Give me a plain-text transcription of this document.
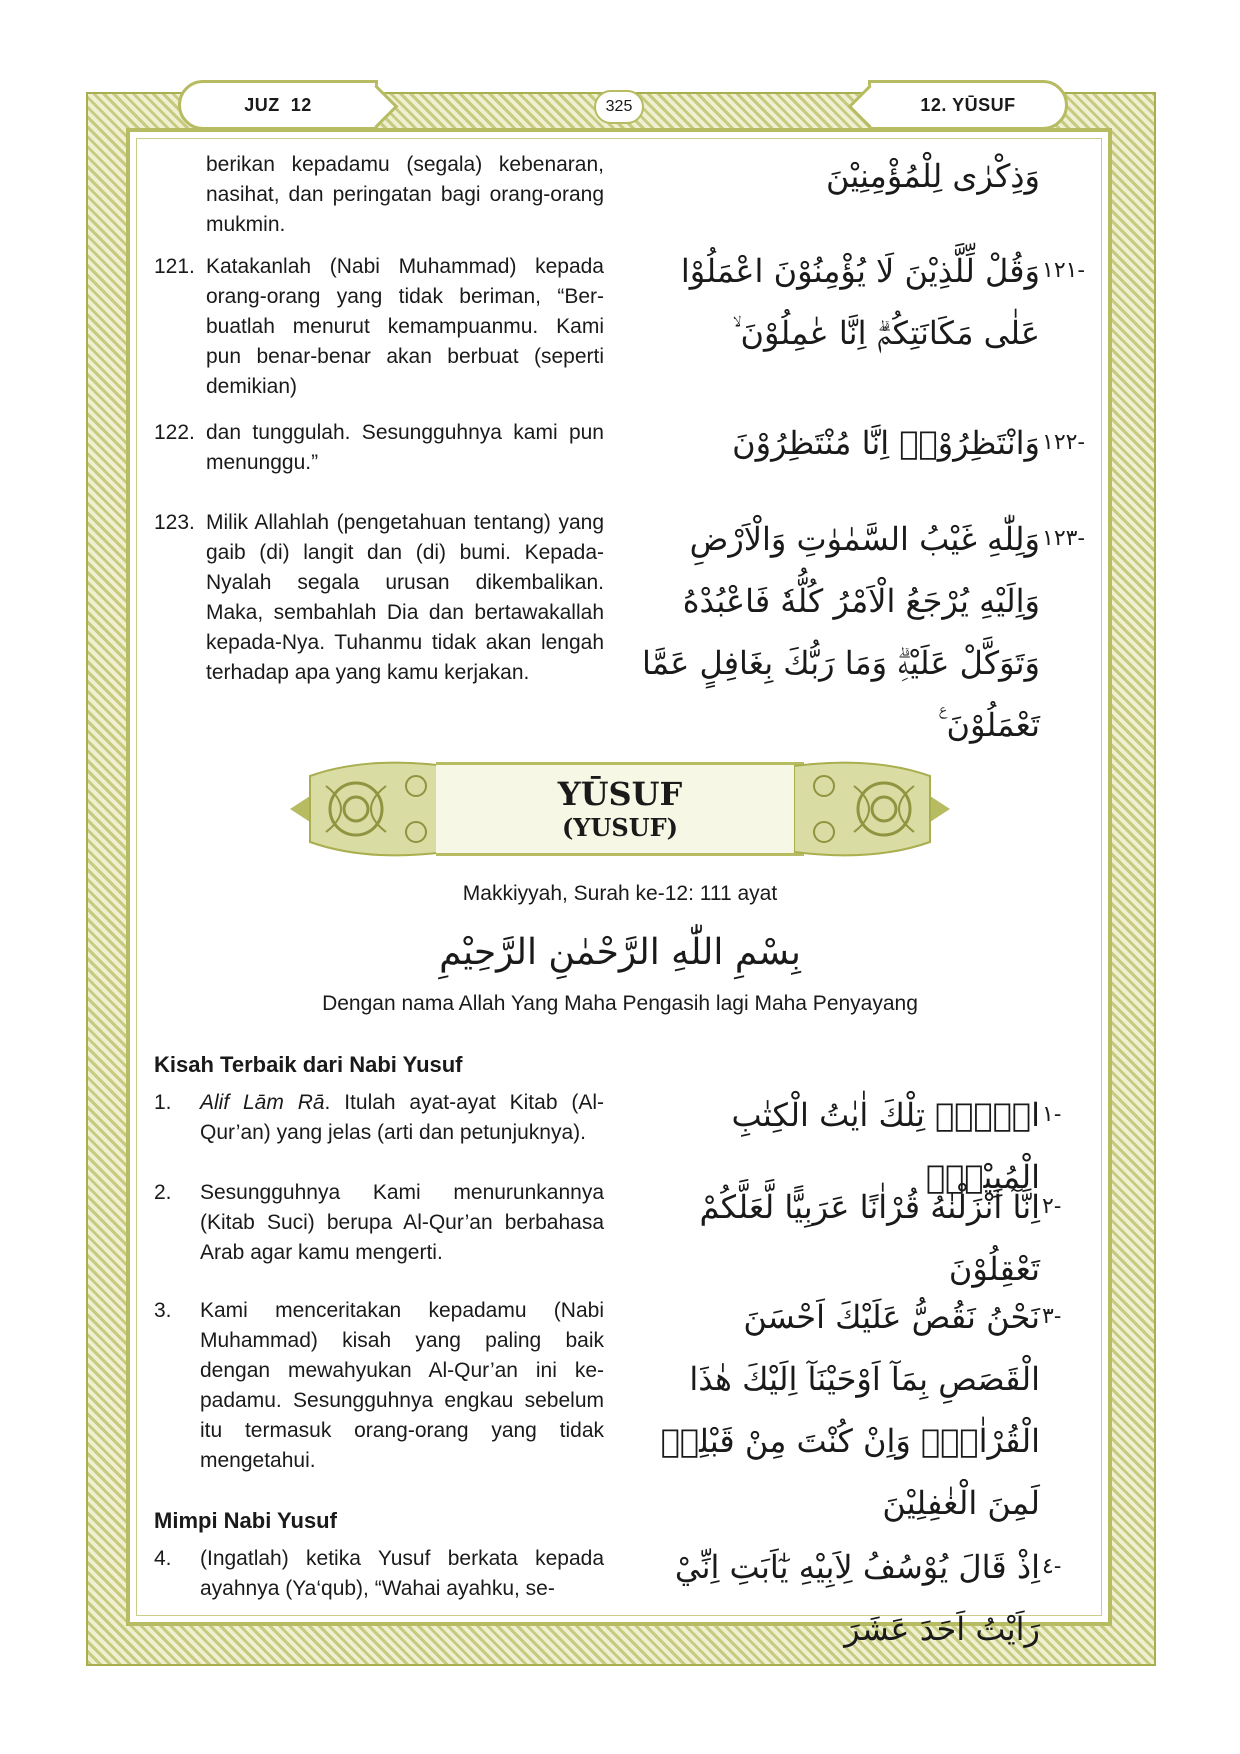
JUZ  12	325	12. YŪSUF
berikan kepadamu (segala) kebenaran, nasihat, dan peringatan bagi orang-orang mukmin.
وَذِكْرٰى لِلْمُؤْمِنِيْنَ
121. Katakanlah (Nabi Muhammad) kepada orang-orang yang tidak beriman, “Ber-buatlah menurut kemampuanmu. Kami pun benar-benar akan berbuat (seperti demikian)
١٢١-
وَقُلْ لِّلَّذِيْنَ لَا يُؤْمِنُوْنَ اعْمَلُوْا عَلٰى مَكَانَتِكُمْۗ اِنَّا عٰمِلُوْنَ ۙ
122. dan tunggulah. Sesungguhnya kami pun menunggu.”
١٢٢-
وَانْتَظِرُوْاۚ اِنَّا مُنْتَظِرُوْنَ
123. Milik Allahlah (pengetahuan tentang) yang gaib (di) langit dan (di) bumi. Kepada-Nyalah segala urusan dikembalikan. Maka, sembahlah Dia dan bertawakallah kepada-Nya. Tuhanmu tidak akan lengah terhadap apa yang kamu kerjakan.
١٢٣-
وَلِلّٰهِ غَيْبُ السَّمٰوٰتِ وَالْاَرْضِ وَاِلَيْهِ يُرْجَعُ الْاَمْرُ كُلُّهٗ فَاعْبُدْهُ وَتَوَكَّلْ عَلَيْهِۗ وَمَا رَبُّكَ بِغَافِلٍ عَمَّا تَعْمَلُوْنَ ࣖ
YŪSUF
(YUSUF)
Makkiyyah, Surah ke-12: 111 ayat
بِسْمِ اللّٰهِ الرَّحْمٰنِ الرَّحِيْمِ
Dengan nama Allah Yang Maha Pengasih lagi Maha Penyayang
Kisah Terbaik dari Nabi Yusuf
1. Alif Lām Rā. Itulah ayat-ayat Kitab (Al-Qur’an) yang jelas (arti dan petunjuknya).
١-
الۤرٰۗ تِلْكَ اٰيٰتُ الْكِتٰبِ الْمُبِيْنِۗ
2. Sesungguhnya Kami menurunkannya (Kitab Suci) berupa Al-Qur’an berbahasa Arab agar kamu mengerti.
٢-
اِنَّآ اَنْزَلْنٰهُ قُرْاٰنًا عَرَبِيًّا لَّعَلَّكُمْ تَعْقِلُوْنَ
3. Kami menceritakan kepadamu (Nabi Muhammad) kisah yang paling baik dengan mewahyukan Al-Qur’an ini ke-padamu. Sesungguhnya engkau sebelum itu termasuk orang-orang yang tidak mengetahui.
٣-
نَحْنُ نَقُصُّ عَلَيْكَ اَحْسَنَ الْقَصَصِ بِمَآ اَوْحَيْنَآ اِلَيْكَ هٰذَا الْقُرْاٰنَۖ وَاِنْ كُنْتَ مِنْ قَبْلِهٖ لَمِنَ الْغٰفِلِيْنَ
Mimpi Nabi Yusuf
4. (Ingatlah) ketika Yusuf berkata kepada ayahnya (Ya‘qub), “Wahai ayahku, se-
٤-
اِذْ قَالَ يُوْسُفُ لِاَبِيْهِ يٰٓاَبَتِ اِنِّيْ رَاَيْتُ اَحَدَ عَشَرَ
